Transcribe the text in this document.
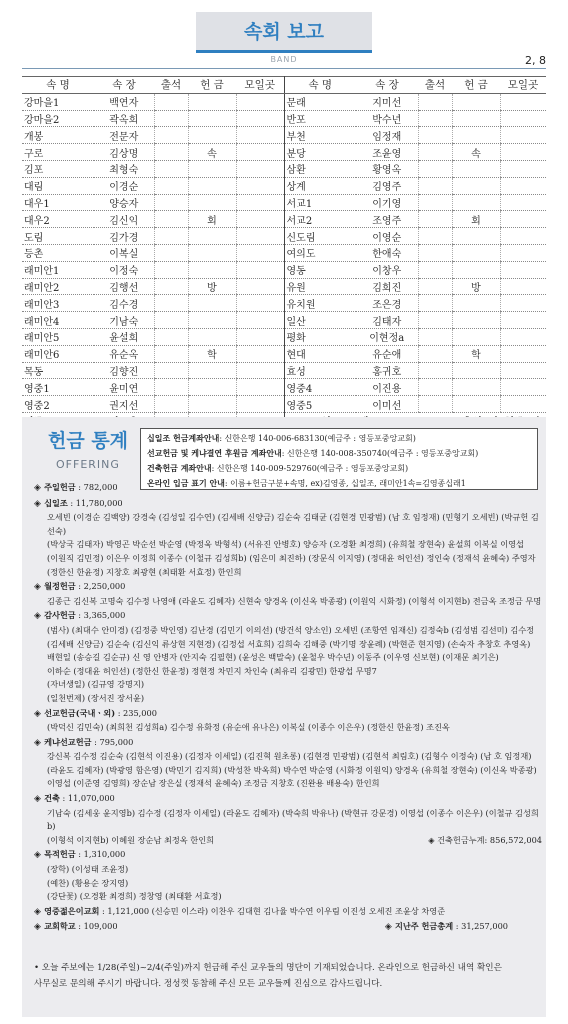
속회 보고
BAND	2, 8
속 명	속 장	출석	헌 금	모일곳	속 명	속 장	출석	헌 금	모일곳
강마을1	백연자				문래	지미선			
강마을2	곽옥희				반포	박수년			
개봉	전문자				부천	임정재			
구로	김상명		속		분당	조윤영		속	
김포	최형숙				삼환	황영옥			
대림	이경순				상계	김영주			
대우1	양승자				서교1	이기영			
대우2	김신익		회		서교2	조영주		회	
도림	김가경				신도림	이영순			
등촌	이복실				여의도	한애숙			
래미안1	이정숙				영동	이창우			
래미안2	김행선		방		유원	김희진		방	
래미안3	김수경				유치원	조은경			
래미안4	기남숙				일산	김태자			
래미안5	윤설희				평화	이현정a			
래미안6	유순옥		학		현대	유순애		학	
목동	김향진				효성	홍귀호			
영중1	윤미연				영중4	이진용			
영중2	권지선				영중5	이미선			

헌금 통계
OFFERING
십일조 헌금계좌안내: 신한은행 140-006-683130(예금주 : 영등포중앙교회)
선교헌금 및 케냐결연 후원금 계좌안내: 신한은행 140-008-350740(예금주 : 영등포중앙교회)
건축헌금 계좌안내: 신한은행 140-009-529760(예금주 : 영등포중앙교회)
온라인 입금 표기 안내: 이름+헌금구분+속명, ex)김영종, 십일조, 래미안1속=김영종십래1
◈ 주일헌금 : 782,000
◈ 십일조 : 11,780,000
오세빈 (이경순 김백양) 강경숙 (김성일 김수연) (김세배 신양금) 김순숙 김태균 (김현경 민광범) (남 호 임정재) (민형기 오세빈) (박규헌 김선숙)
(박상국 김태자) 박영곤 박순선 박순영 (박정욱 박형석) (서유진 안병호) 양승자 (오경환 최경희) (유희철 장현숙) 윤설희 이복실 이영섭
(이원직 김민정) 이은우 이정희 이종수 (이철규 김성희b) (임은미 최진하) (장문식 이지영) (정대윤 허인선) 정인숙 (정재석 윤혜숙) 주영자
(정한신 한윤정) 지창호 최광현 (최태환 서효정) 한인희
◈ 월정헌금 : 2,250,000
김종근 김신복 고명숙 김수정 나영애 (라윤도 김혜자) 신현숙 양경옥 (이신옥 박종광) (이원익 시화정) (이형석 이지현b) 전금옥 조정금 무명
◈ 감사헌금 : 3,365,000
(범사) (최대수 안미경) (김정중 박인영) 김난경 (김민기 이의선) (방건석 양소인) 오세빈 (조항연 임재신) 김정숙b (김성범 김선미) 김수정
(김세배 신양금) 김순숙 (김신익 류상현 지현경) (김정섭 서효희) 김희숙 김해중 (박기명 장윤례) (박현준 현지영) (손숙자 추창호 추영옥)
배현일 (송승길 김순규) 신 영 안병자 (안지숙 김필현) (윤성은 백말숙) (윤철우 박수년) 이동주 (이우영 신보현) (이재문 최기은)
이하순 (정대윤 허인선) (정한신 한윤정) 정현정 차민지 차인숙 (최유리 김광민) 한광섭 무명7
(자녀생일) (김규영 강명지)
(일천번제) (장서진 장서윤)
◈ 선교헌금(국내ㆍ외) : 235,000
(박덕신 김민숙) (최희천 김성희a) 김수정 유화정 (유순애 유나은) 이복실 (이종수 이은우) (정한신 한윤정) 조진옥
◈ 케냐선교헌금 : 795,000
강신복 김수정 김순숙 (김현석 이진용) (김정자 이세일) (김진혁 원초롱) (김현경 민광범) (김현석 최림호) (김형수 이정숙) (남 호 임정재)
(라윤도 김혜자) (박광영 함은영) (박민기 김지희) (박성찬 박옥희) 박수연 박순영 (시화정 이원익) 양경옥 (유희철 장현숙) (이신옥 박종광)
이영섭 (이준영 김영희) 장순남 장은실 (정재석 윤혜숙) 조정금 지창호 (진완용 배용숙) 한인희
◈ 건축 : 11,070,000
기남숙 (김세웅 윤지영b) 김수정 (김정자 이세일) (라윤도 김혜자) (박숙희 박유나) (박현규 강문경) 이영섭 (이종수 이은우) (이철규 김성희b)
(이형석 이지현b) 이혜원 장순남 최정옥 한인희	◈ 건축헌금누계: 856,572,004
◈ 목적헌금 : 1,310,000
(장학) (이성태 조윤정)
(예찬) (황용순 장지영)
(강단꽃) (오경환 최경희) 정창영 (최태환 서효정)
◈ 영중젊은이교회 : 1,121,000 (신승민 이스라) 이찬우 김대현 김나율 박수연 이우림 이진성 오세진 조윤상 차영준
◈ 교회학교 : 109,000	◈ 지난주 헌금총계 : 31,257,000
• 오늘 주보에는 1/28(주일)~2/4(주일)까지 헌금해 주신 교우들의 명단이 기재되었습니다. 온라인으로 헌금하신 내역 확인은
사무실로 문의해 주시기 바랍니다. 정성껏 동참해 주신 모든 교우들께 진심으로 감사드립니다.
